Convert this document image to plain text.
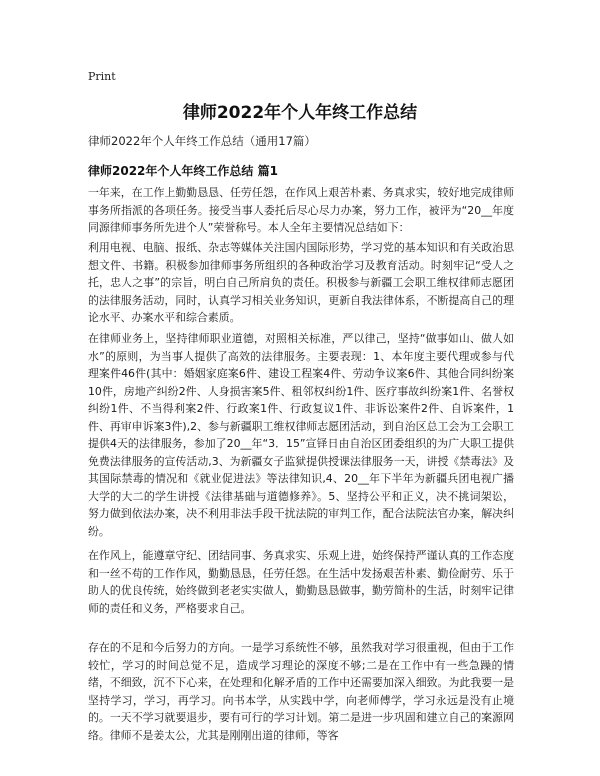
Print
律师2022年个人年终工作总结

律师2022年个人年终工作总结（通用17篇）

律师2022年个人年终工作总结 篇1

一年来，在工作上勤勤恳恳、任劳任怨，在作风上艰苦朴素、务真求实，较好地完成律师事务所指派的各项任务。接受当事人委托后尽心尽力办案，努力工作，被评为“20__年度同源律师事务所先进个人”荣誉称号。本人全年主要情况总结如下：

利用电视、电脑、报纸、杂志等媒体关注国内国际形势，学习党的基本知识和有关政治思想文件、书籍。积极参加律师事务所组织的各种政治学习及教育活动。时刻牢记“受人之托，忠人之事”的宗旨，明白自己所肩负的责任。积极参与新疆工会职工维权律师志愿团的法律服务活动，同时，认真学习相关业务知识，更新自我法律体系，不断提高自己的理论水平、办案水平和综合素质。

在律师业务上，坚持律师职业道德，对照相关标准，严以律己，坚持“做事如山、做人如水”的原则，为当事人提供了高效的法律服务。主要表现：1、本年度主要代理或参与代理案件46件(其中：婚姻家庭案6件、建设工程案4件、劳动争议案6件、其他合同纠纷案10件，房地产纠纷2件、人身损害案5件、租邻权纠纷1件、医疗事故纠纷案1件、名誉权纠纷1件、不当得利案2件、行政案1件、行政复议1件、非诉讼案件2件、自诉案件，1件、再审申诉案3件),2、参与新疆职工维权律师志愿团活动，到自治区总工会为工会职工提供4天的法律服务，参加了20__年“3．15”宣铎日由自治区团委组织的为广大职工提供免费法律服务的宣传活动,3、为新疆女子监狱提供授课法律服务一天，讲授《禁毒法》及其国际禁毒的情况和《就业促进法》等法律知识,4、20__年下半年为新疆兵团电视广播大学的大二的学生讲授《法律基础与道德修养》。5、坚持公平和正义，决不挑词架讼，努力做到依法办案，决不利用非法手段干扰法院的审判工作，配合法院法官办案，解决纠纷。

在作风上，能遵章守纪、团结同事、务真求实、乐观上进，始终保持严谨认真的工作态度和一丝不苟的工作作风，勤勤恳恳，任劳任怨。在生活中发扬艰苦朴素、勤俭耐劳、乐于助人的优良传统，始终做到老老实实做人，勤勤恳恳做事，勤劳简朴的生活，时刻牢记律师的责任和义务，严格要求自己。

存在的不足和今后努力的方向。一是学习系统性不够，虽然我对学习很重视，但由于工作较忙，学习的时间总觉不足，造成学习理论的深度不够;二是在工作中有一些急躁的情绪，不细致，沉不下心来，在处理和化解矛盾的工作中还需要加深入细致。为此我要一是坚持学习，学习，再学习。向书本学，从实践中学，向老师傅学，学习永远是没有止境的。一天不学习就要退步，要有可行的学习计划。第二是进一步巩固和建立自己的案源网络。律师不是姜太公，尤其是刚刚出道的律师，等客
